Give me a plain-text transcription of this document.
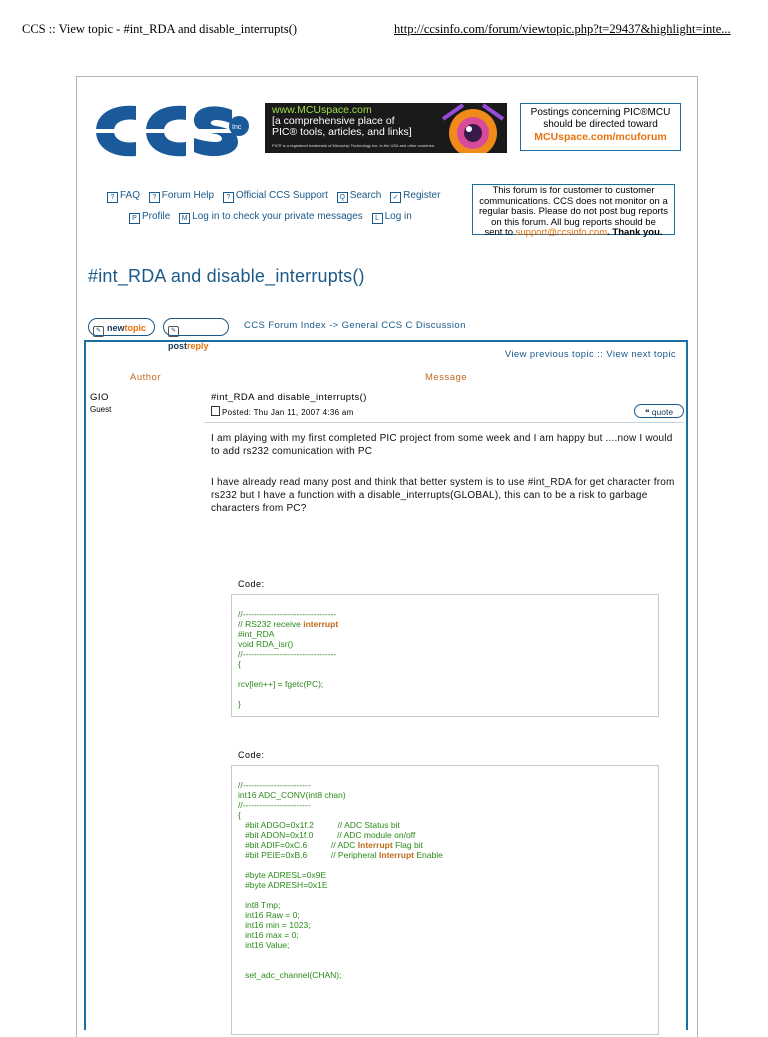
CCS :: View topic - #int_RDA and disable_interrupts()	http://ccsinfo.com/forum/viewtopic.php?t=29437&highlight=inte...
Inc
www.MCUspace.com
[a comprehensive place of
PIC® tools, articles, and links]
PIC® is a registered trademark of Microchip Technology Inc. in the USA and other countries.
Postings concerning PIC®MCU
should be directed toward
MCUspace.com/mcuforum
? FAQ ? Forum Help ? Official CCS Support Q Search ✓ Register
P Profile M Log in to check your private messages L Log in
This forum is for customer to customer
communications. CCS does not monitor on a
regular basis. Please do not post bug reports
on this forum. All bug reports should be
sent to support@ccsinfo.com. Thank you.
#int_RDA and disable_interrupts()
✎ newtopic	✎postreply
CCS Forum Index -> General CCS C Discussion
View previous topic :: View next topic
Author	Message
GIO
Guest
#int_RDA and disable_interrupts()
Posted: Thu Jan 11, 2007 4:36 am	❝ quote
I am playing with my first completed PIC project from some week and I am happy but ....now I would to add rs232 comunication with PC
I have already read many post and think that better system is to use #int_RDA for get character from rs232 but I have a function with a disable_interrupts(GLOBAL), this can to be a risk to garbage characters from PC?
Code:
//---------------------------------
// RS232 receive interrupt
#int_RDA
void RDA_isr()
//---------------------------------
{
rcv[len++] = fgetc(PC);
}
Code:
//------------------------
int16 ADC_CONV(int8 chan)
//------------------------
{
#bit ADGO=0x1f.2          // ADC Status bit
#bit ADON=0x1f.0          // ADC module on/off
#bit ADIF=0xC.6          // ADC Interrupt Flag bit
#bit PEIE=0xB.6          // Peripheral Interrupt Enable
#byte ADRESL=0x9E
#byte ADRESH=0x1E
int8 Tmp;
int16 Raw = 0;
int16 min = 1023;
int16 max = 0;
int16 Value;
set_adc_channel(CHAN);
